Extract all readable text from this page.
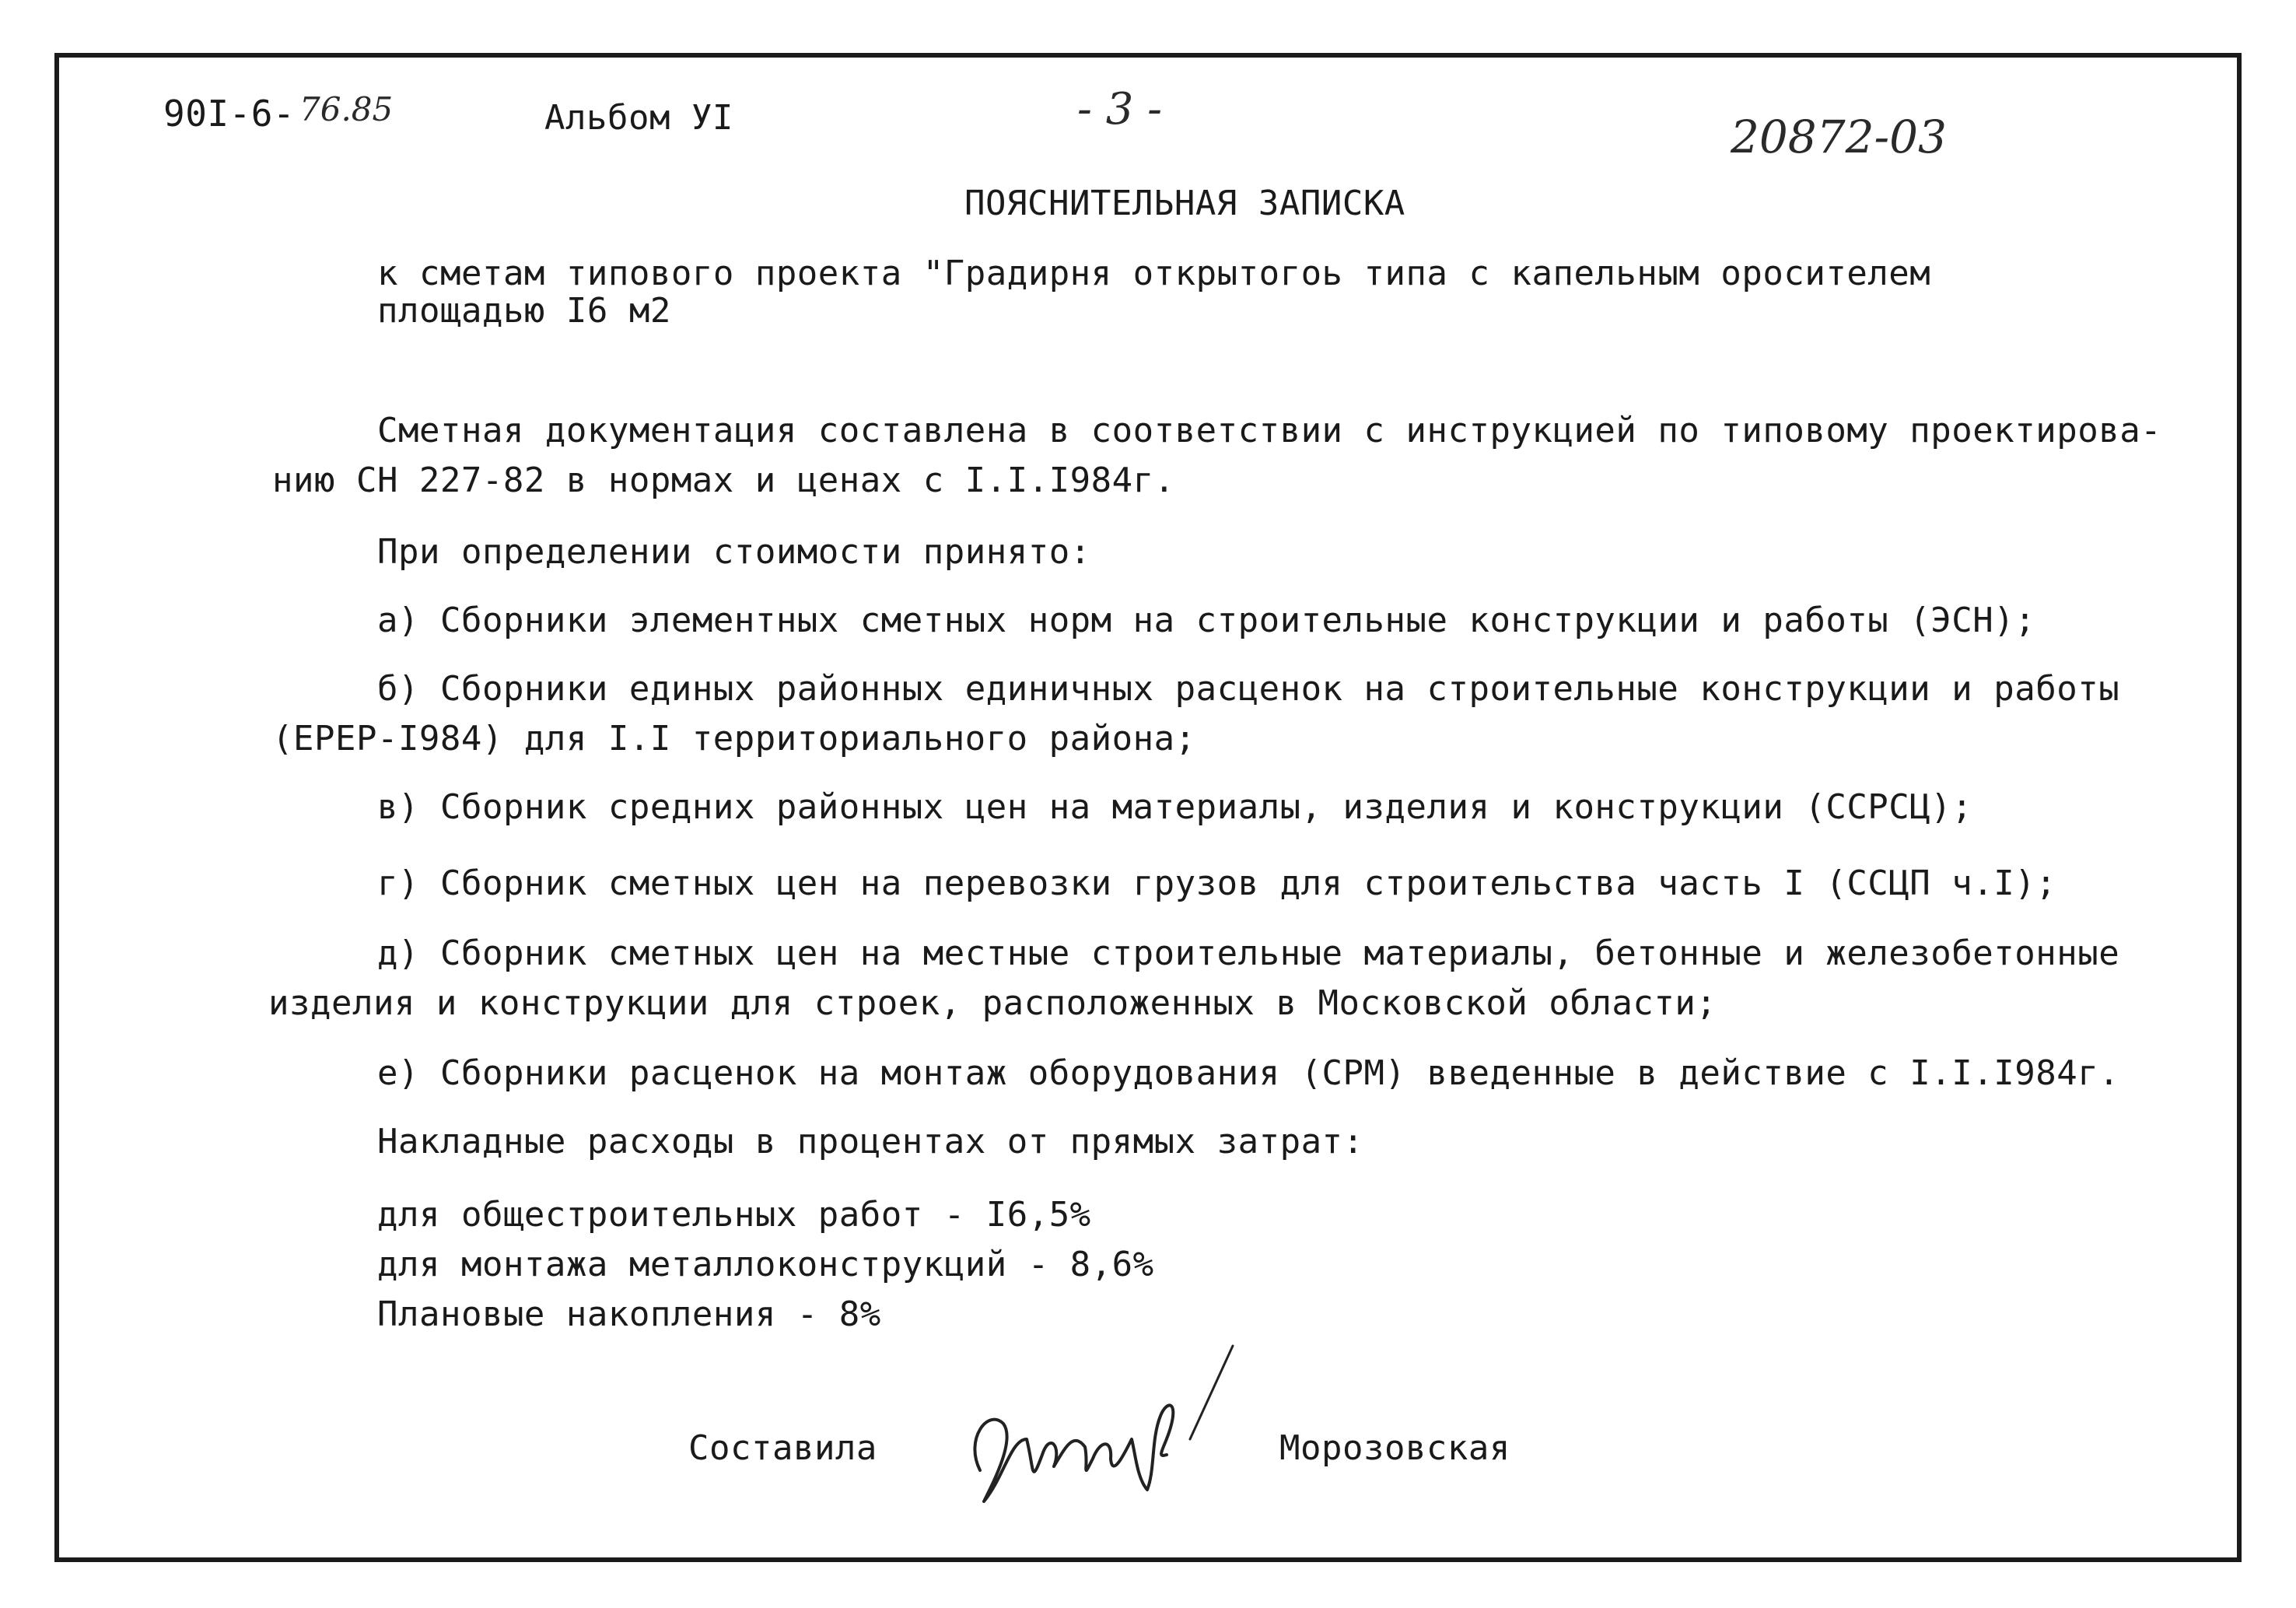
90I-6- 76.85	Альбом УI	- 3 -
20872-03
ПОЯСНИТЕЛЬНАЯ ЗАПИСКА
к сметам типового проекта "Градирня открытогоь типа с капельным оросителем
площадью I6 м2
Сметная документация составлена в соответствии с инструкцией по типовому проектирова-
нию СН 227-82 в нормах и ценах с I.I.I984г.
При определении стоимости принято:
а) Сборники элементных сметных норм на строительные конструкции и работы (ЭСН);
б) Сборники единых районных единичных расценок на строительные конструкции и работы
(ЕРЕР-I984) для I.I территориального района;
в) Сборник средних районных цен на материалы, изделия и конструкции (ССРСЦ);
г) Сборник сметных цен на перевозки грузов для строительства часть I (ССЦП ч.I);
д) Сборник сметных цен на местные строительные материалы, бетонные и железобетонные
изделия и конструкции для строек, расположенных в Московской области;
е) Сборники расценок на монтаж оборудования (СРМ) введенные в действие с I.I.I984г.
Накладные расходы в процентах от прямых затрат:
для общестроительных работ - I6,5%
для монтажа металлоконструкций - 8,6%
Плановые накопления - 8%
Составила	Морозовская
